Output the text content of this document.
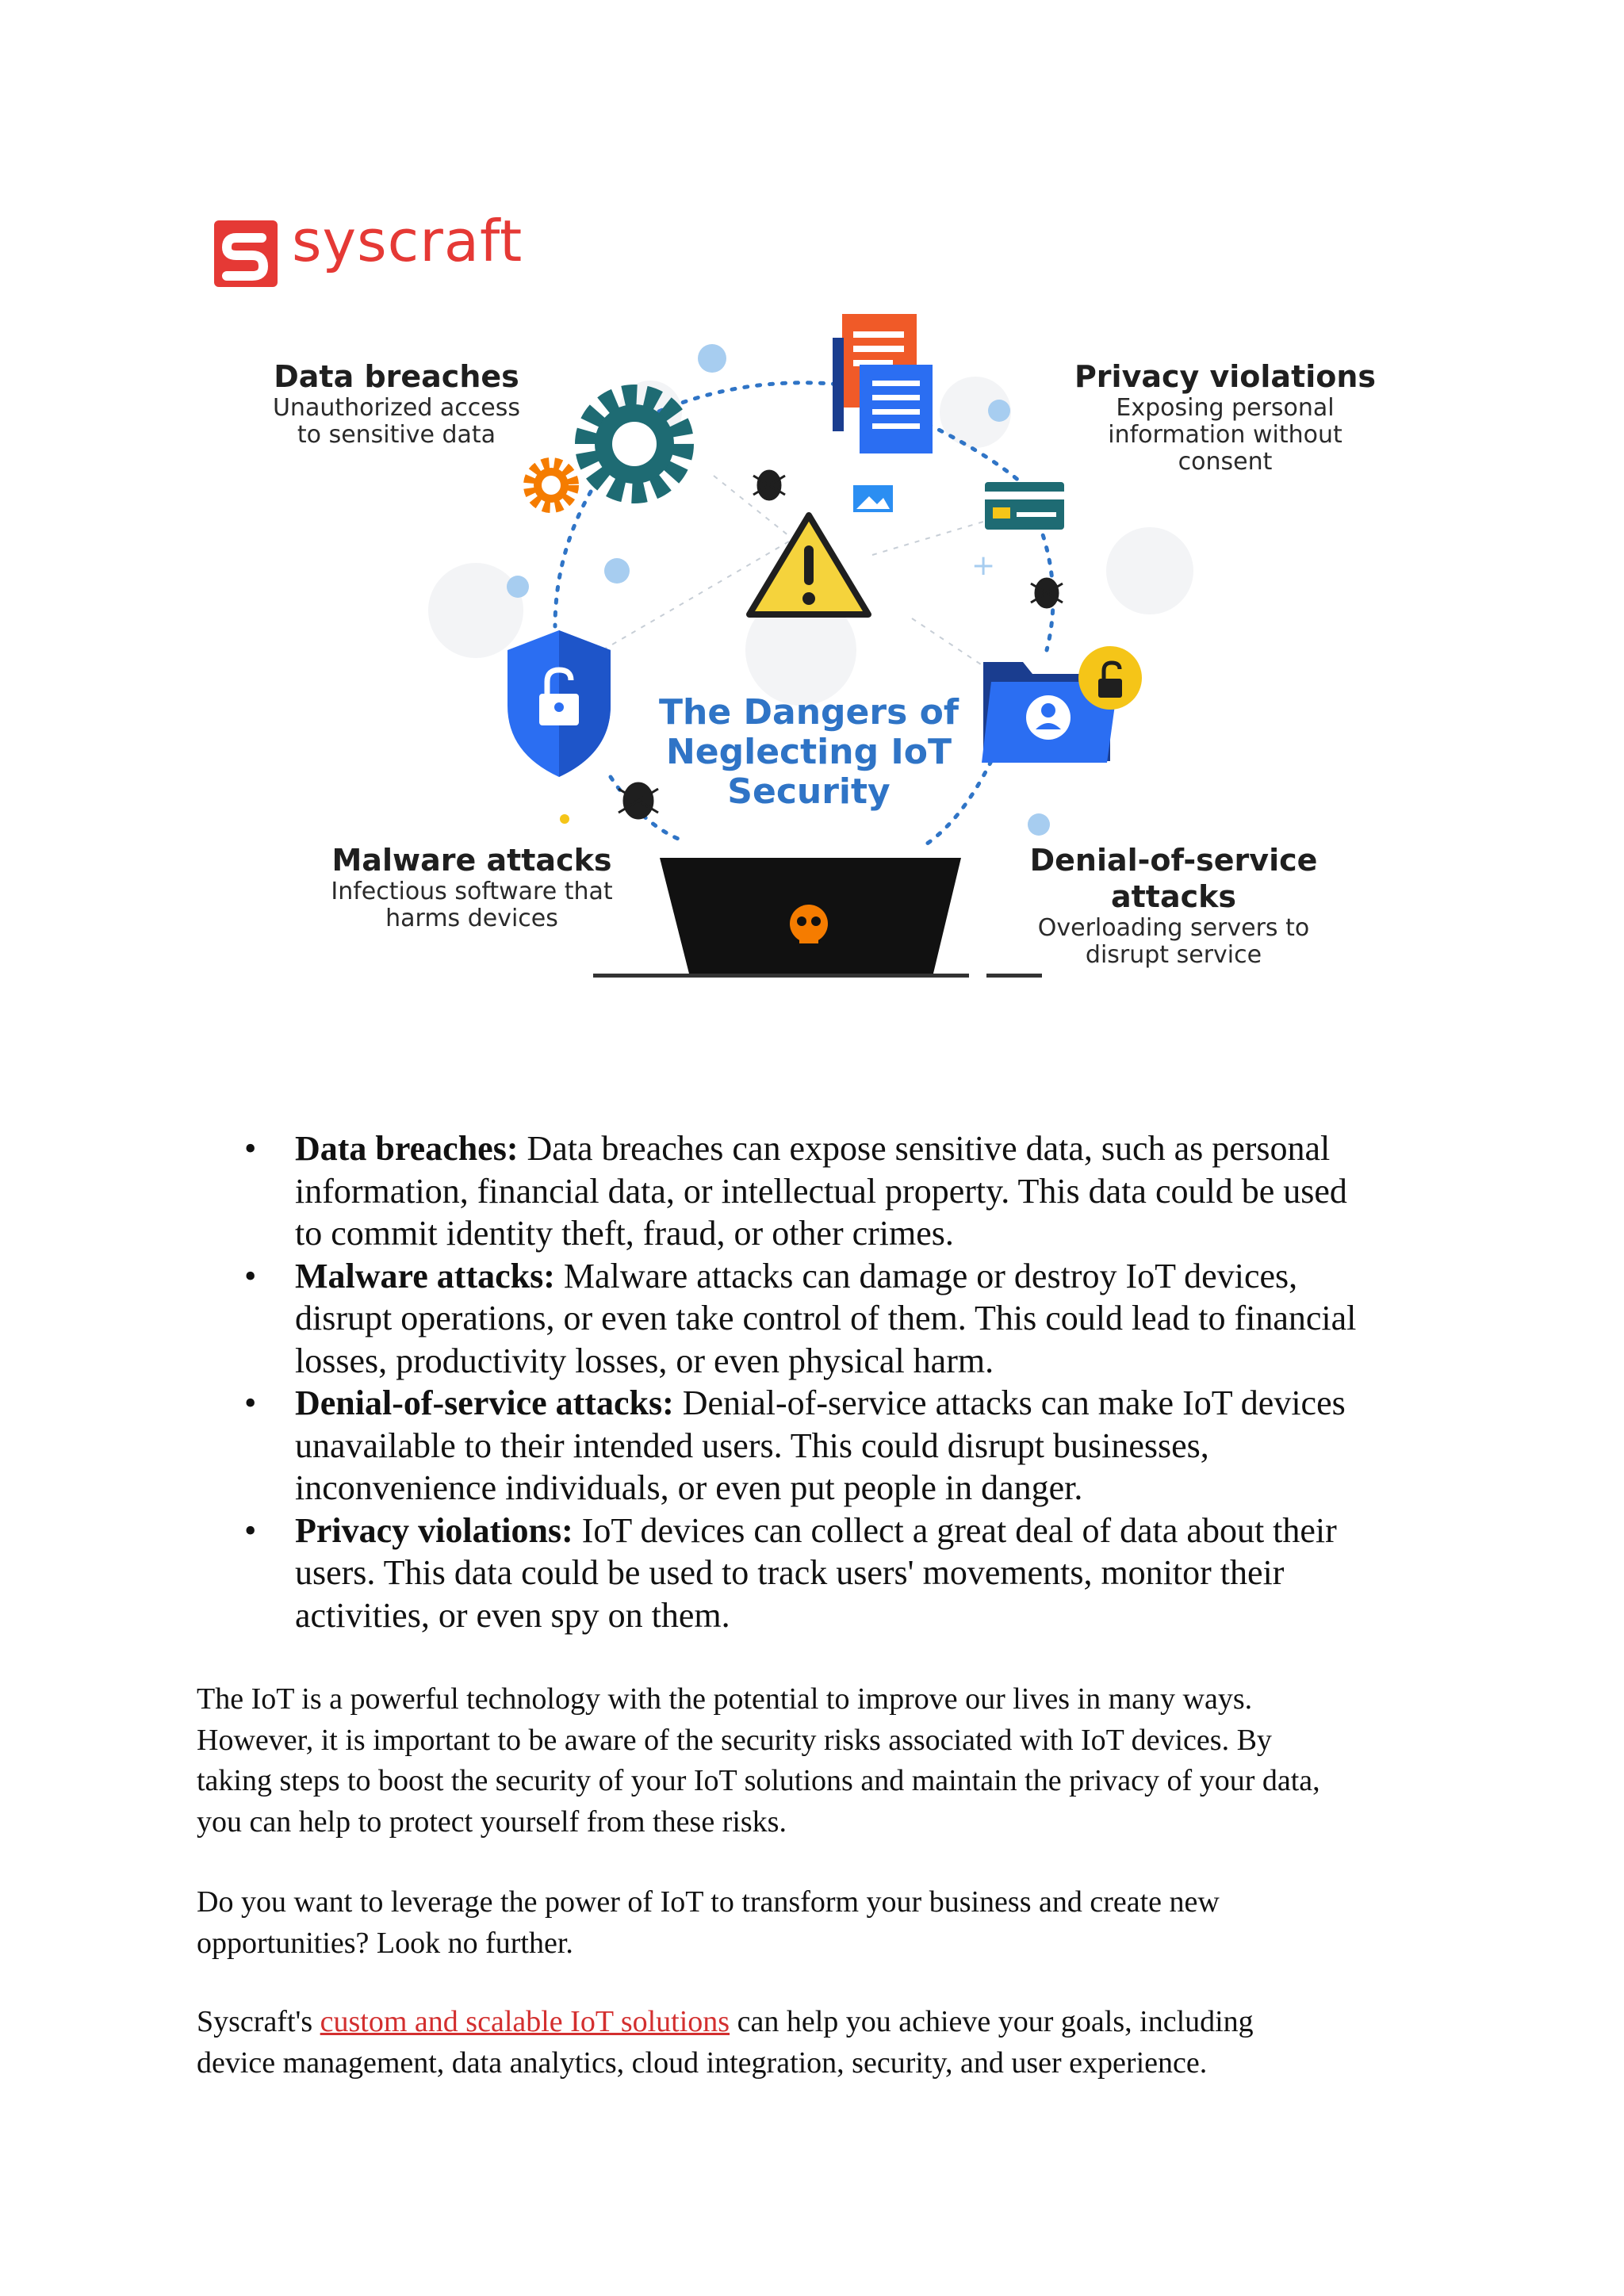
+
syscraft
Data breaches
Unauthorized access
to sensitive data
Privacy violations
Exposing personal
information without
consent
Malware attacks
Infectious software that
harms devices
Denial-of-service attacks
Overloading servers to
disrupt service
The Dangers of
Neglecting IoT
Security
• Data breaches: Data breaches can expose sensitive data, such as personal
information, financial data, or intellectual property. This data could be used
to commit identity theft, fraud, or other crimes.
• Malware attacks: Malware attacks can damage or destroy IoT devices,
disrupt operations, or even take control of them. This could lead to financial
losses, productivity losses, or even physical harm.
• Denial-of-service attacks: Denial-of-service attacks can make IoT devices
unavailable to their intended users. This could disrupt businesses,
inconvenience individuals, or even put people in danger.
• Privacy violations: IoT devices can collect a great deal of data about their
users. This data could be used to track users' movements, monitor their
activities, or even spy on them.

The IoT is a powerful technology with the potential to improve our lives in many ways.
However, it is important to be aware of the security risks associated with IoT devices. By
taking steps to boost the security of your IoT solutions and maintain the privacy of your data,
you can help to protect yourself from these risks.

Do you want to leverage the power of IoT to transform your business and create new
opportunities? Look no further.

Syscraft's custom and scalable IoT solutions can help you achieve your goals, including
device management, data analytics, cloud integration, security, and user experience.
